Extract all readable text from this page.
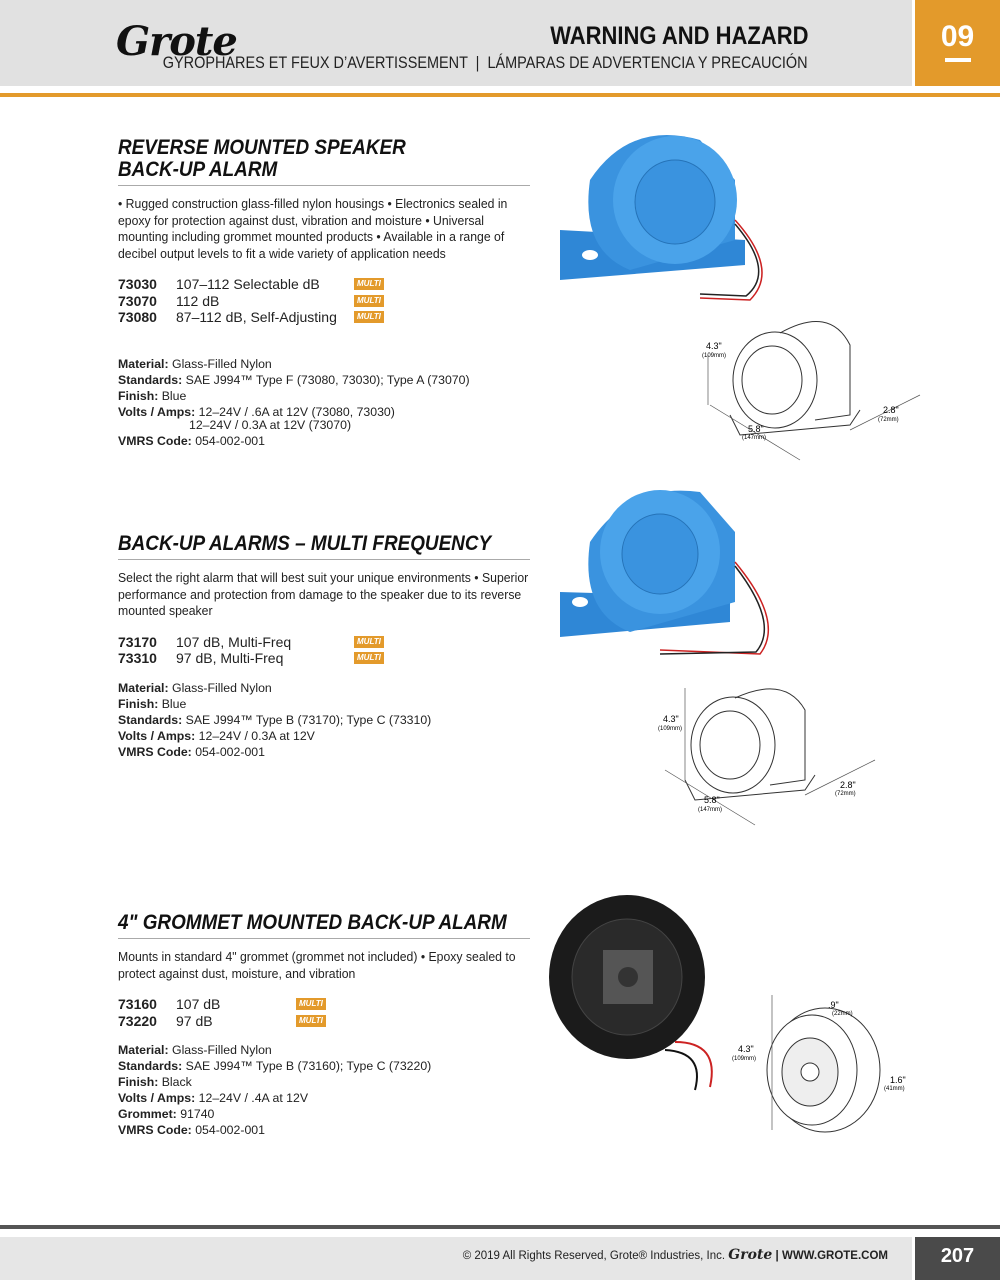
Grote	WARNING AND HAZARD
GYROPHARES ET FEUX D’AVERTISSEMENT  |  LÁMPARAS DE ADVERTENCIA Y PRECAUCIÓN
09
REVERSE MOUNTED SPEAKER
BACK-UP ALARM
• Rugged construction glass-filled nylon housings • Electronics sealed in epoxy for protection against dust, vibration and moisture • Universal mounting including grommet mounted products • Available in a range of decibel output levels to fit a wide variety of application needs
73030	107–112 Selectable dB	MULTI
73070	112 dB	MULTI
73080	87–112 dB, Self-Adjusting	MULTI
Material: Glass-Filled Nylon
Standards: SAE J994™ Type F (73080, 73030); Type A (73070)
Finish: Blue
Volts / Amps: 12–24V / .6A at 12V (73080, 73030)
12–24V / 0.3A at 12V (73070)
VMRS Code: 054-002-001
BACK-UP ALARMS – MULTI FREQUENCY
Select the right alarm that will best suit your unique environments • Superior performance and protection from damage to the speaker due to its reverse mounted speaker
73170	107 dB, Multi-Freq	MULTI
73310	97 dB, Multi-Freq	MULTI
Material: Glass-Filled Nylon
Finish: Blue
Standards: SAE J994™ Type B (73170); Type C (73310)
Volts / Amps: 12–24V / 0.3A at 12V
VMRS Code: 054-002-001
4" GROMMET MOUNTED BACK-UP ALARM
Mounts in standard 4" grommet (grommet not included) • Epoxy sealed to protect against dust, moisture, and vibration
73160	107 dB	MULTI
73220	97 dB	MULTI
Material: Glass-Filled Nylon
Standards: SAE J994™ Type B (73160); Type C (73220)
Finish: Black
Volts / Amps: 12–24V / .4A at 12V
Grommet: 91740
VMRS Code: 054-002-001
4.3"
(109mm)
5.8"
(147mm)
2.8"
(72mm)
4.3"
(109mm)
5.8"
(147mm)
2.8"
(72mm)
4.3"
(109mm)
.9"
(22mm)
1.6"
(41mm)
© 2019 All Rights Reserved, Grote® Industries, Inc. Grote | WWW.GROTE.COM	207
